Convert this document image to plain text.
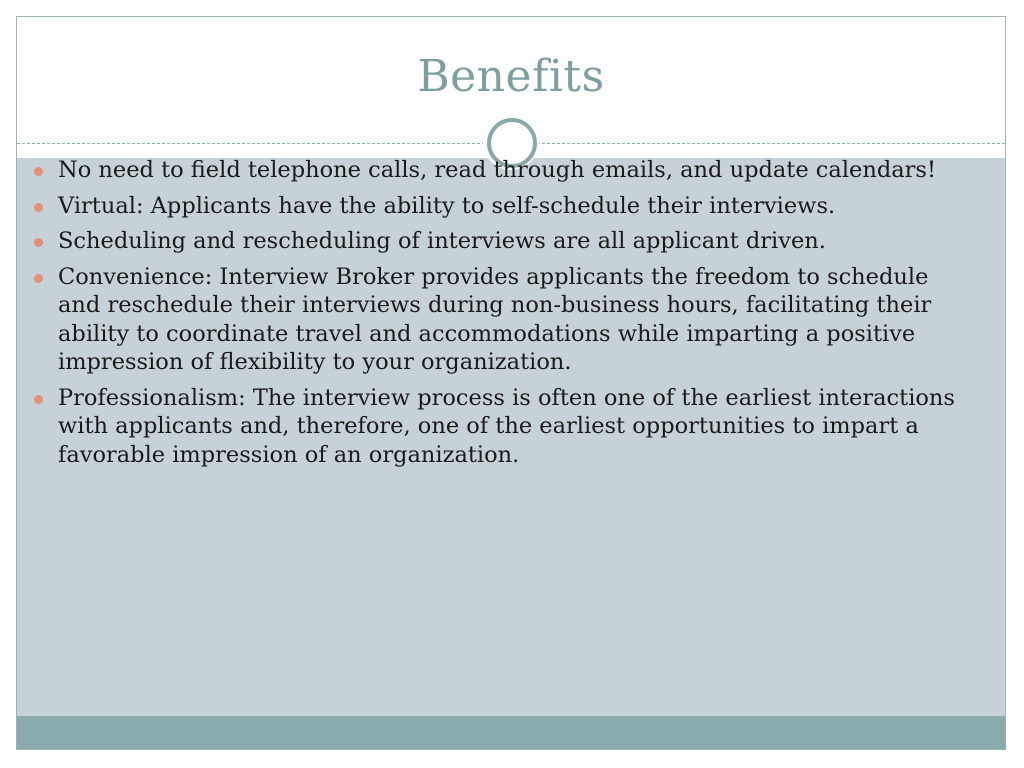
Benefits
No need to field telephone calls, read through emails, and update calendars!
Virtual: Applicants have the ability to self-schedule their interviews.
Scheduling and rescheduling of interviews are all applicant driven.
Convenience: Interview Broker provides applicants the freedom to schedule and reschedule their interviews during non-business hours, facilitating their ability to coordinate travel and accommodations while imparting a positive impression of flexibility to your organization.
Professionalism: The interview process is often one of the earliest interactions with applicants and, therefore, one of the earliest opportunities to impart a favorable impression of an organization.
